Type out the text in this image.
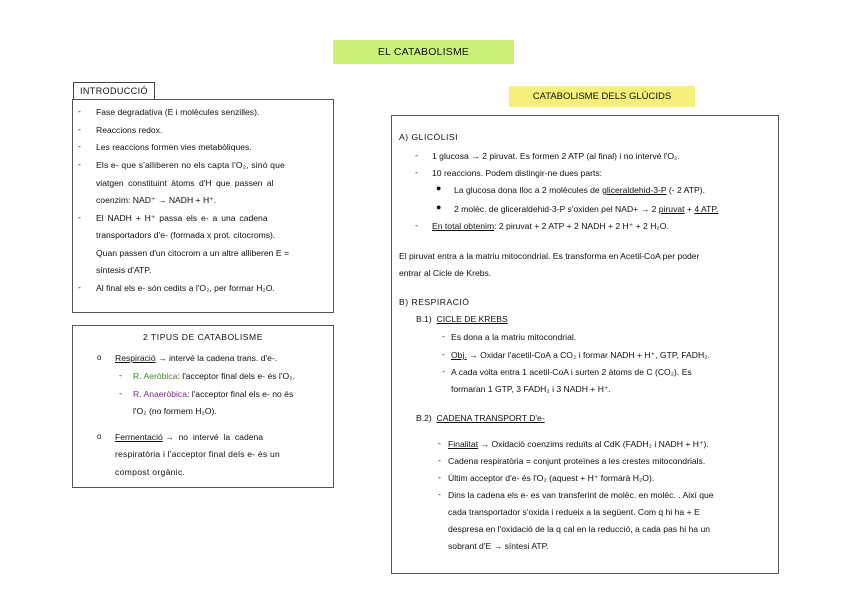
EL CATABOLISME
INTRODUCCIÓ
- Fase degradativa (E i molècules senzilles).
- Reaccions redox.
- Les reaccions formen vies metabòliques.
- Els e- que s'alliberen no els capta l'O₂, sinó que
viatgen constituint àtoms d'H que passen al
coenzim: NAD⁺ → NADH + H⁺.
- El NADH + H⁺ passa els e- a una cadena
transportadors d'e- (formada x prot. citocroms).
Quan passen d'un citocrom a un altre alliberen E =
síntesis d'ATP.
- Al final els e- són cedits a l'O₂, per formar H₂O.
2 TIPUS DE CATABOLISME
o Respiració → intervé la cadena trans. d'e-.
- R. Aeròbica: l'acceptor final dels e- és l'O₂.
- R. Anaeròbica: l'acceptor final els e- no és
l'O₂ (no formem H₂O).
o Fermentació →  no  intervé  la  cadena
respiratòria i l'acceptor final dels e- és un
compost orgànic.
CATABOLISME DELS GLÚCIDS
A) GLICÒLISI
- 1 glucosa → 2 piruvat. Es formen 2 ATP (al final) i no intervé l'O₂.
- 10 reaccions. Podem distingir-ne dues parts:
● La glucosa dona lloc a 2 molècules de gliceraldehid-3-P (- 2 ATP).
● 2 molèc. de gliceraldehid-3-P s'oxiden pel NAD+ → 2 piruvat + 4 ATP.
- En total obtenim: 2 piruvat + 2 ATP + 2 NADH + 2 H⁺ + 2 H₂O.
El piruvat entra a la matriu mitocondrial. Es transforma en Acetil-CoA per poder
entrar al Cicle de Krebs.
B) RESPIRACIÓ
B.1)  CICLE DE KREBS
- Es dona a la matriu mitocondrial.
- Obj. → Oxidar l'acetil-CoA a CO₂ i formar NADH + H⁺, GTP, FADH₂.
- A cada volta entra 1 acetil-CoA i surten 2 àtoms de C (CO₂). Es
formaran 1 GTP, 3 FADH₂ i 3 NADH + H⁺.
B.2)  CADENA TRANSPORT D'e-
- Finalitat → Oxidació coenzims reduïts al CdK (FADH₂ i NADH + H⁺).
- Cadena respiratòria = conjunt proteïnes a les crestes mitocondrials.
- Últim acceptor d'e- és l'O₂ (aquest + H⁺ formarà H₂O).
- Dins la cadena els e- es van transferint de molèc. en molèc. . Així que
cada transportador s'oxida i redueix a la següent. Com q hi ha + E
despresa en l'oxidació de la q cal en la reducció, a cada pas hi ha un
sobrant d'E → síntesi ATP.
